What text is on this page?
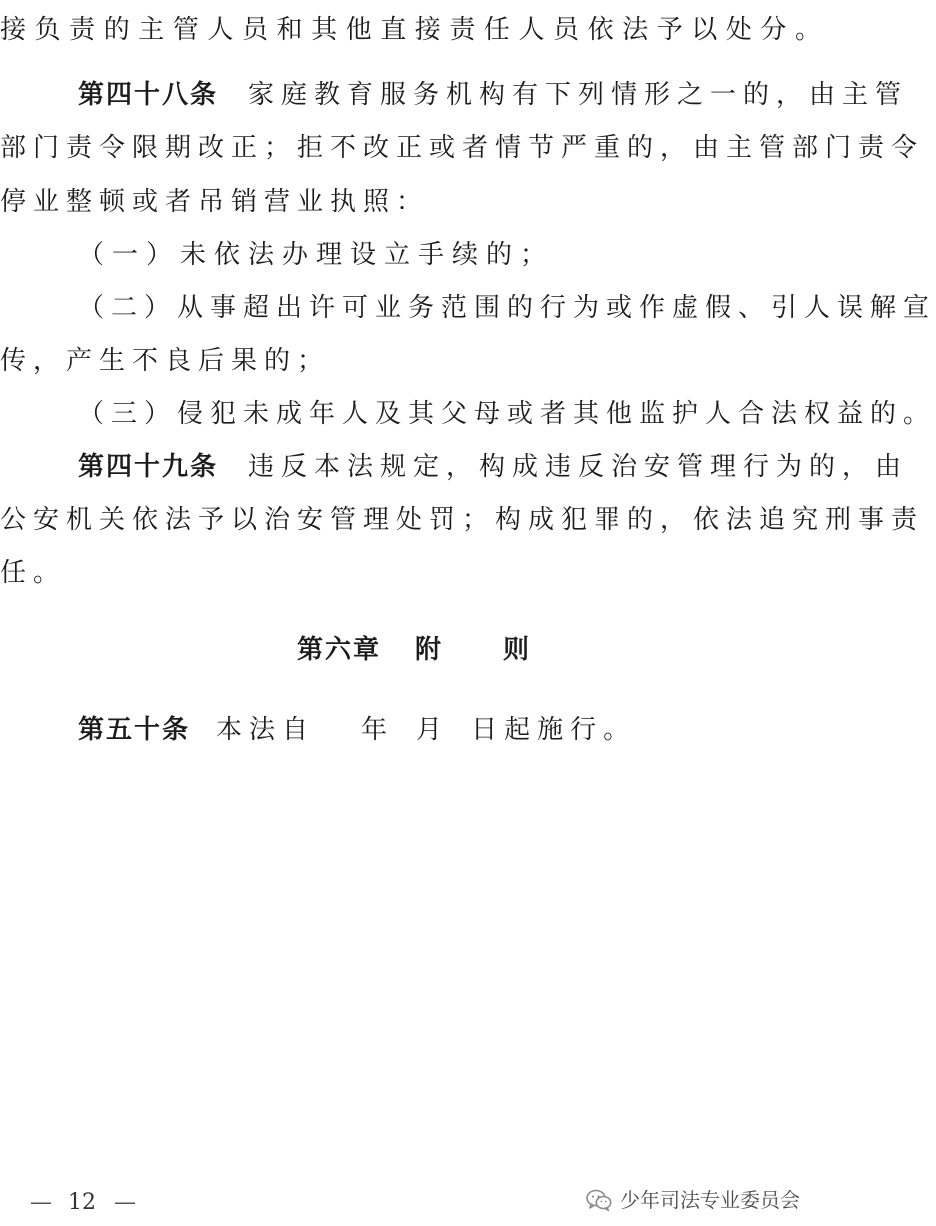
接负责的主管人员和其他直接责任人员依法予以处分。
第四十八条 家庭教育服务机构有下列情形之一的，由主管
部门责令限期改正；拒不改正或者情节严重的，由主管部门责令
停业整顿或者吊销营业执照：
（一）未依法办理设立手续的；
（二）从事超出许可业务范围的行为或作虚假、引人误解宣
传，产生不良后果的；
（三）侵犯未成年人及其父母或者其他监护人合法权益的。
第四十九条 违反本法规定，构成违反治安管理行为的，由
公安机关依法予以治安管理处罚；构成犯罪的，依法追究刑事责
任。
第六章 附 则
第五十条 本法自 年 月 日起施行。
— 12 —	少年司法专业委员会
